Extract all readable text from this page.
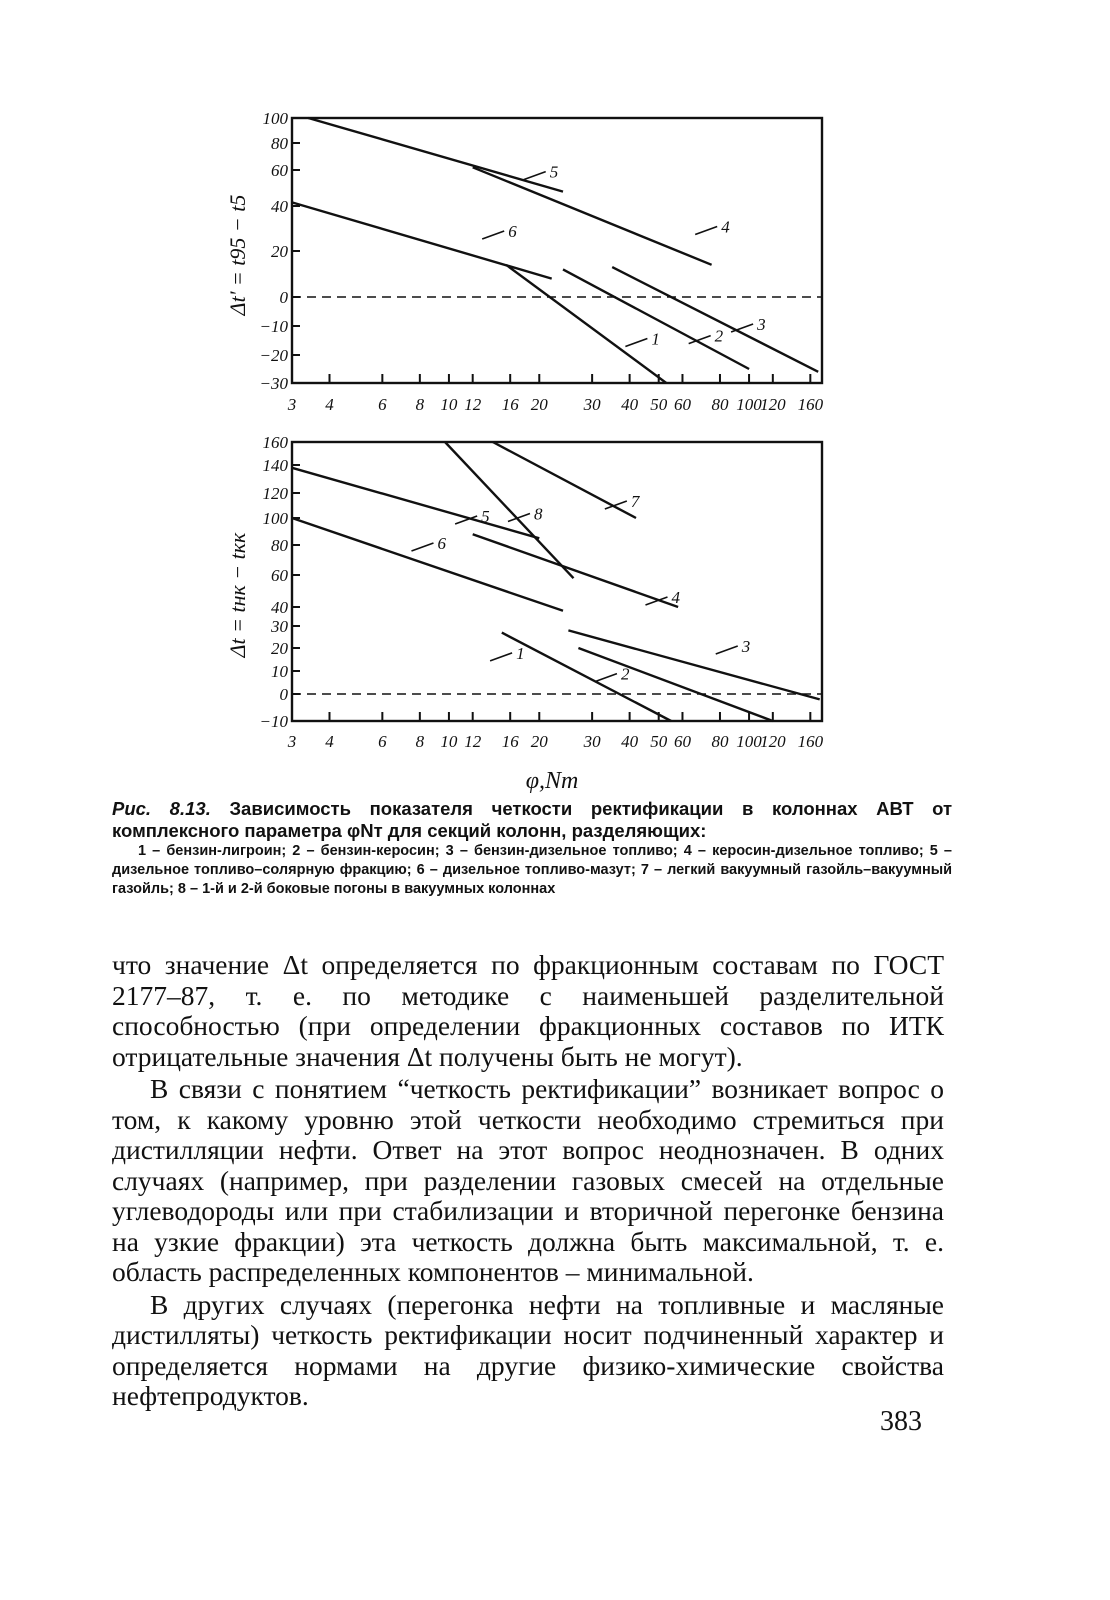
100
80
60
40
20
0
−10
−20
−30
3 4	6 8 10 12 16 20 30 40 50 60 80 100
120 160
1	2
3
4
5
6
Δt' = t95 − t5
160
140
120
100
80
60
40
30
20
10
0
−10
3 4	6 8 10 12 16 20 30 40 50 60 80 100
120 160
1
2
3
4
5
6
7
8
Δt = tнк − tкк
φ,Nт
Рис. 8.13. Зависимость показателя четкости ректификации в колоннах АВТ от комплексного параметра φNт для секций колонн, разделяющих:
1 – бензин-лигроин; 2 – бензин-керосин; 3 – бензин-дизельное топливо; 4 – керосин-дизельное топливо; 5 – дизельное топливо–солярную фракцию; 6 – дизельное топливо-мазут; 7 – легкий вакуумный газойль–вакуумный газойль; 8 – 1-й и 2-й боковые погоны в вакуумных колоннах

что значение Δt определяется по фракционным составам по ГОСТ 2177–87, т. е. по методике с наименьшей разделительной способностью (при определении фракционных составов по ИТК отрицательные значения Δt получены быть не могут).

В связи с понятием “четкость ректификации” возникает вопрос о том, к какому уровню этой четкости необходимо стремиться при дистилляции нефти. Ответ на этот вопрос неоднозначен. В одних случаях (например, при разделении газовых смесей на отдельные углеводороды или при стабилизации и вторичной перегонке бензина на узкие фракции) эта четкость должна быть максимальной, т. е. область распределенных компонентов – минимальной.

В других случаях (перегонка нефти на топливные и масляные дистилляты) четкость ректификации носит подчиненный характер и определяется нормами на другие физико-химические свойства нефтепродуктов.

383
